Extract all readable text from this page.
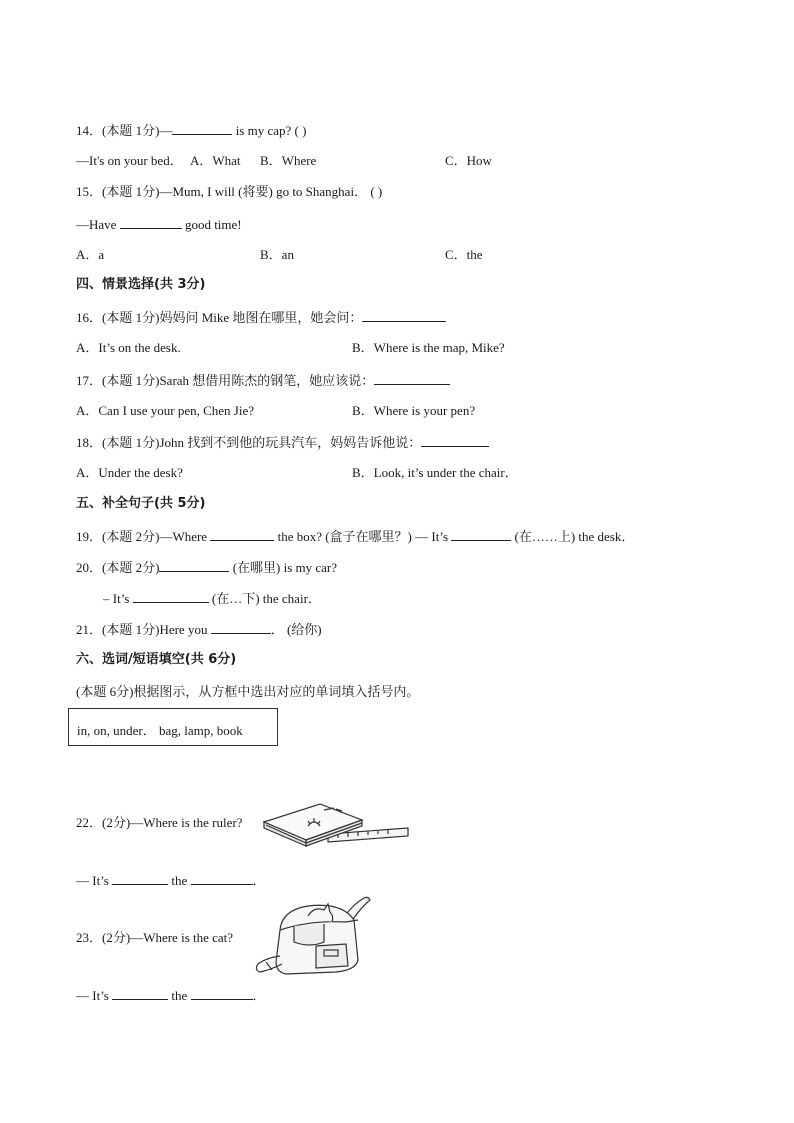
14．(本题 1分)—	is my cap? ( )
—It's on your bed． A．What B．Where	C．How
15．(本题 1分)—Mum, I will (将要) go to Shanghai． ( )
—Have	good time!
A．a	B．an	C．the
四、情景选择(共 3分)
16．(本题 1分)妈妈问 Mike 地图在哪里，她会问：
A．It’s on the desk.	B．Where is the map, Mike?
17．(本题 1分)Sarah 想借用陈杰的钢笔，她应该说：
A．Can I use your pen, Chen Jie?	B．Where is your pen?
18．(本题 1分)John 找到不到他的玩具汽车，妈妈告诉他说：
A．Under the desk?	B．Look, it’s under the chair．
五、补全句子(共 5分)
19．(本题 2分)—Where	the box? (盒子在哪里？) — It’s	(在……上) the desk．
20．(本题 2分)	(在哪里) is my car?
– It’s	(在…下) the chair．
21．(本题 1分)Here you	． (给你)
六、选词/短语填空(共 6分)
(本题 6分)根据图示，从方框中选出对应的单词填入括号内。
in, on, under． bag, lamp, book
22．(2分)—Where is the ruler?
— It’s	the	．
23．(2分)—Where is the cat?
— It’s	the	．
